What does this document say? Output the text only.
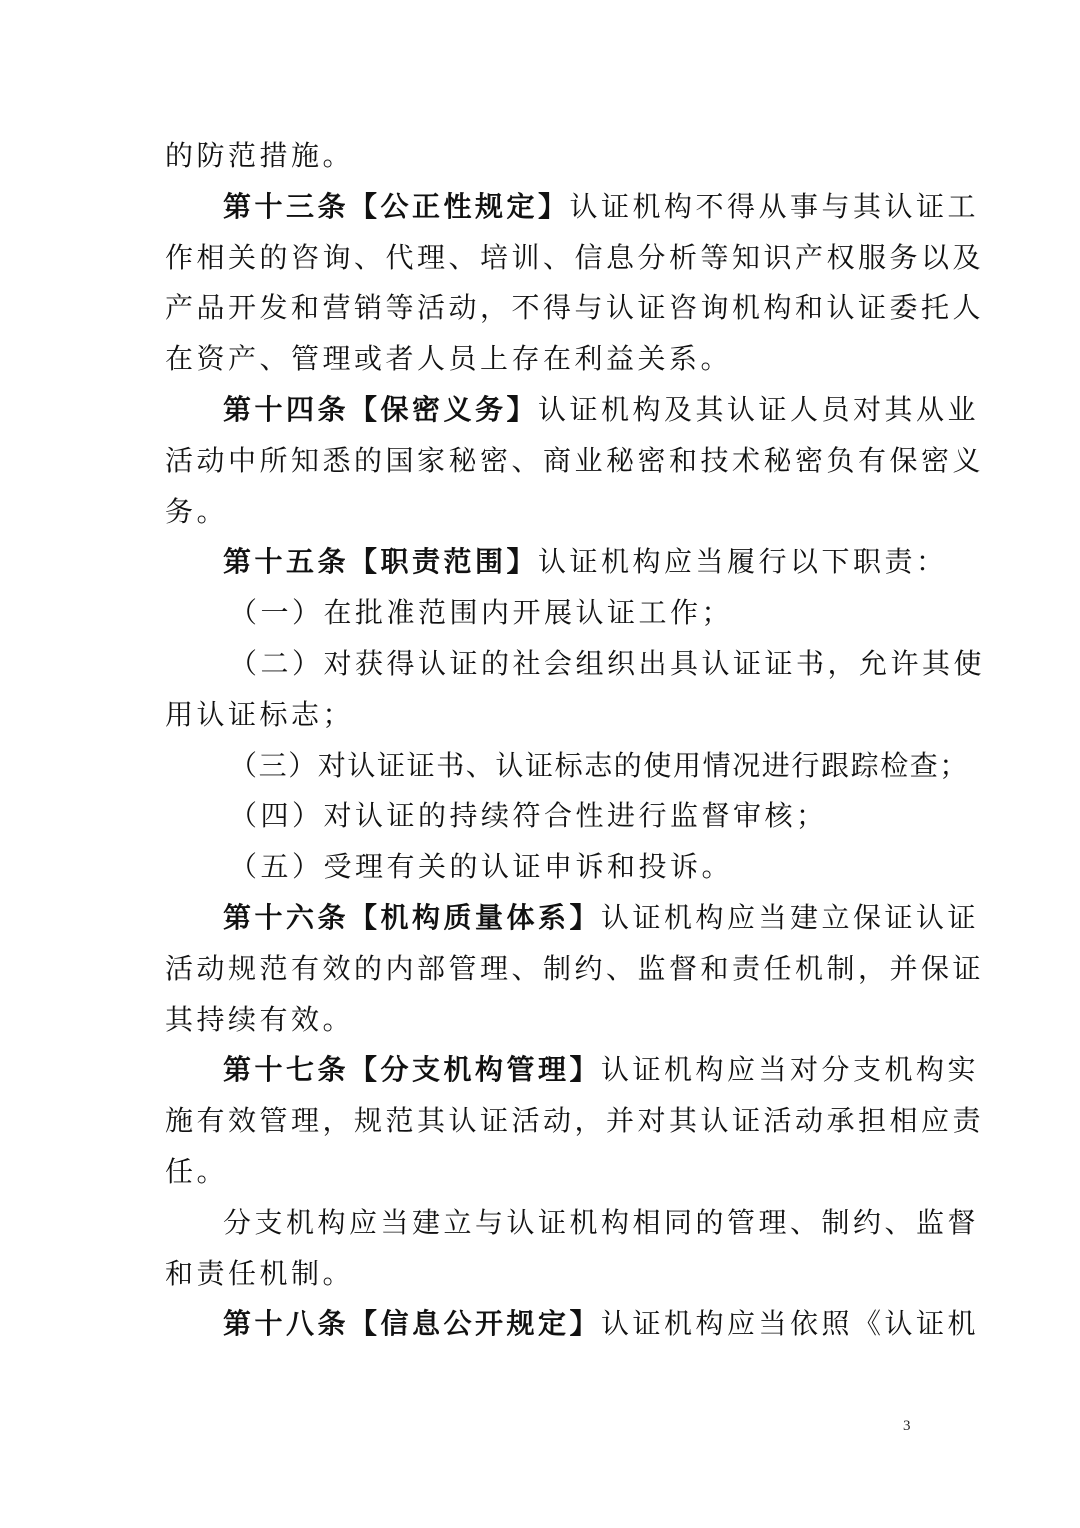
的防范措施。
第十三条【公正性规定】认证机构不得从事与其认证工
作相关的咨询、代理、培训、信息分析等知识产权服务以及
产品开发和营销等活动，不得与认证咨询机构和认证委托人
在资产、管理或者人员上存在利益关系。
第十四条【保密义务】认证机构及其认证人员对其从业
活动中所知悉的国家秘密、商业秘密和技术秘密负有保密义
务。
第十五条【职责范围】认证机构应当履行以下职责：
（一）在批准范围内开展认证工作；
（二）对获得认证的社会组织出具认证证书，允许其使
用认证标志；
（三）对认证证书、认证标志的使用情况进行跟踪检查；
（四）对认证的持续符合性进行监督审核；
（五）受理有关的认证申诉和投诉。
第十六条【机构质量体系】认证机构应当建立保证认证
活动规范有效的内部管理、制约、监督和责任机制，并保证
其持续有效。
第十七条【分支机构管理】认证机构应当对分支机构实
施有效管理，规范其认证活动，并对其认证活动承担相应责
任。
分支机构应当建立与认证机构相同的管理、制约、监督
和责任机制。
第十八条【信息公开规定】认证机构应当依照《认证机
3
